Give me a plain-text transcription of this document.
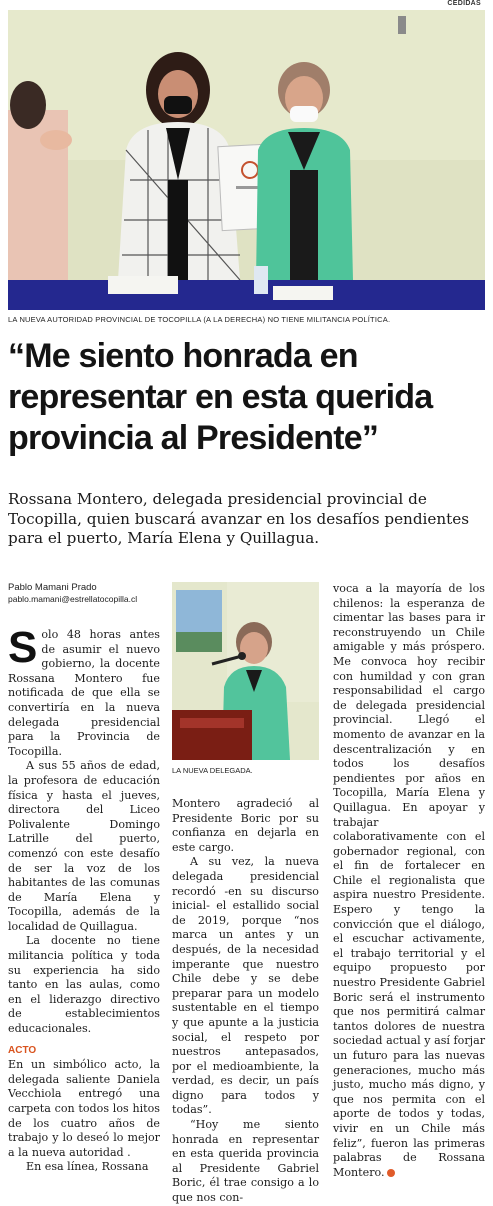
CEDIDAS
LA NUEVA AUTORIDAD PROVINCIAL DE TOCOPILLA (A LA DERECHA) NO TIENE MILITANCIA POLÍTICA.
“Me siento honrada en representar en esta querida provincia al Presidente”
Rossana Montero, delegada presidencial provincial de Tocopilla, quien buscará avanzar en los desafíos pendientes para el puerto, María Elena y Quillagua.
Pablo Mamani Prado
pablo.mamani@estrellatocopilla.cl

Solo 48 horas antes de asumir el nuevo gobierno, la docente Rossana Montero fue notificada de que ella se convertiría en la nueva delegada presidencial para la Provincia de Tocopilla.

A sus 55 años de edad, la profesora de educación física y hasta el jueves, directora del Liceo Polivalente Domingo Latrille del puerto, comenzó con este desafío de ser la voz de los habitantes de las comunas de María Elena y Tocopilla, además de la localidad de Quillagua.

La docente no tiene militancia política y toda su experiencia ha sido tanto en las aulas, como en el liderazgo directivo de establecimientos educacionales.

ACTO

En un simbólico acto, la delegada saliente Daniela Vecchiola entregó una carpeta con todos los hitos de los cuatro años de trabajo y lo deseó lo mejor a la nueva autoridad .

En esa línea, Rossana

LA NUEVA DELEGADA.

Montero agradeció al Presidente Boric por su confianza en dejarla en este cargo.

A su vez, la nueva delegada presidencial recordó -en su discurso inicial- el estallido social de 2019, porque “nos marca un antes y un después, de la necesidad imperante que nuestro Chile debe y se debe preparar para un modelo sustentable en el tiempo y que apunte a la justicia social, el respeto por nuestros antepasados, por el medioambiente, la verdad, es decir, un país digno para todos y todas”.

“Hoy me siento honrada en representar en esta querida provincia al Presidente Gabriel Boric, él trae consigo a lo que nos con-

voca a la mayoría de los chilenos: la esperanza de cimentar las bases para ir reconstruyendo un Chile amigable y más próspero. Me convoca hoy recibir con humildad y con gran responsabilidad el cargo de delegada presidencial provincial. Llegó el momento de avanzar en la descentralización y en todos los desafíos pendientes por años en Tocopilla, María Elena y Quillagua. En apoyar y trabajar colaborativamente con el gobernador regional, con el fin de fortalecer en Chile el regionalista que aspira nuestro Presidente. Espero y tengo la convicción que el diálogo, el escuchar activamente, el trabajo territorial y el equipo propuesto por nuestro Presidente Gabriel Boric será el instrumento que nos permitirá calmar tantos dolores de nuestra sociedad actual y así forjar un futuro para las nuevas generaciones, mucho más justo, mucho más digno, y que nos permita con el aporte de todos y todas, vivir en un Chile más feliz”, fueron las primeras palabras de Rossana Montero.
